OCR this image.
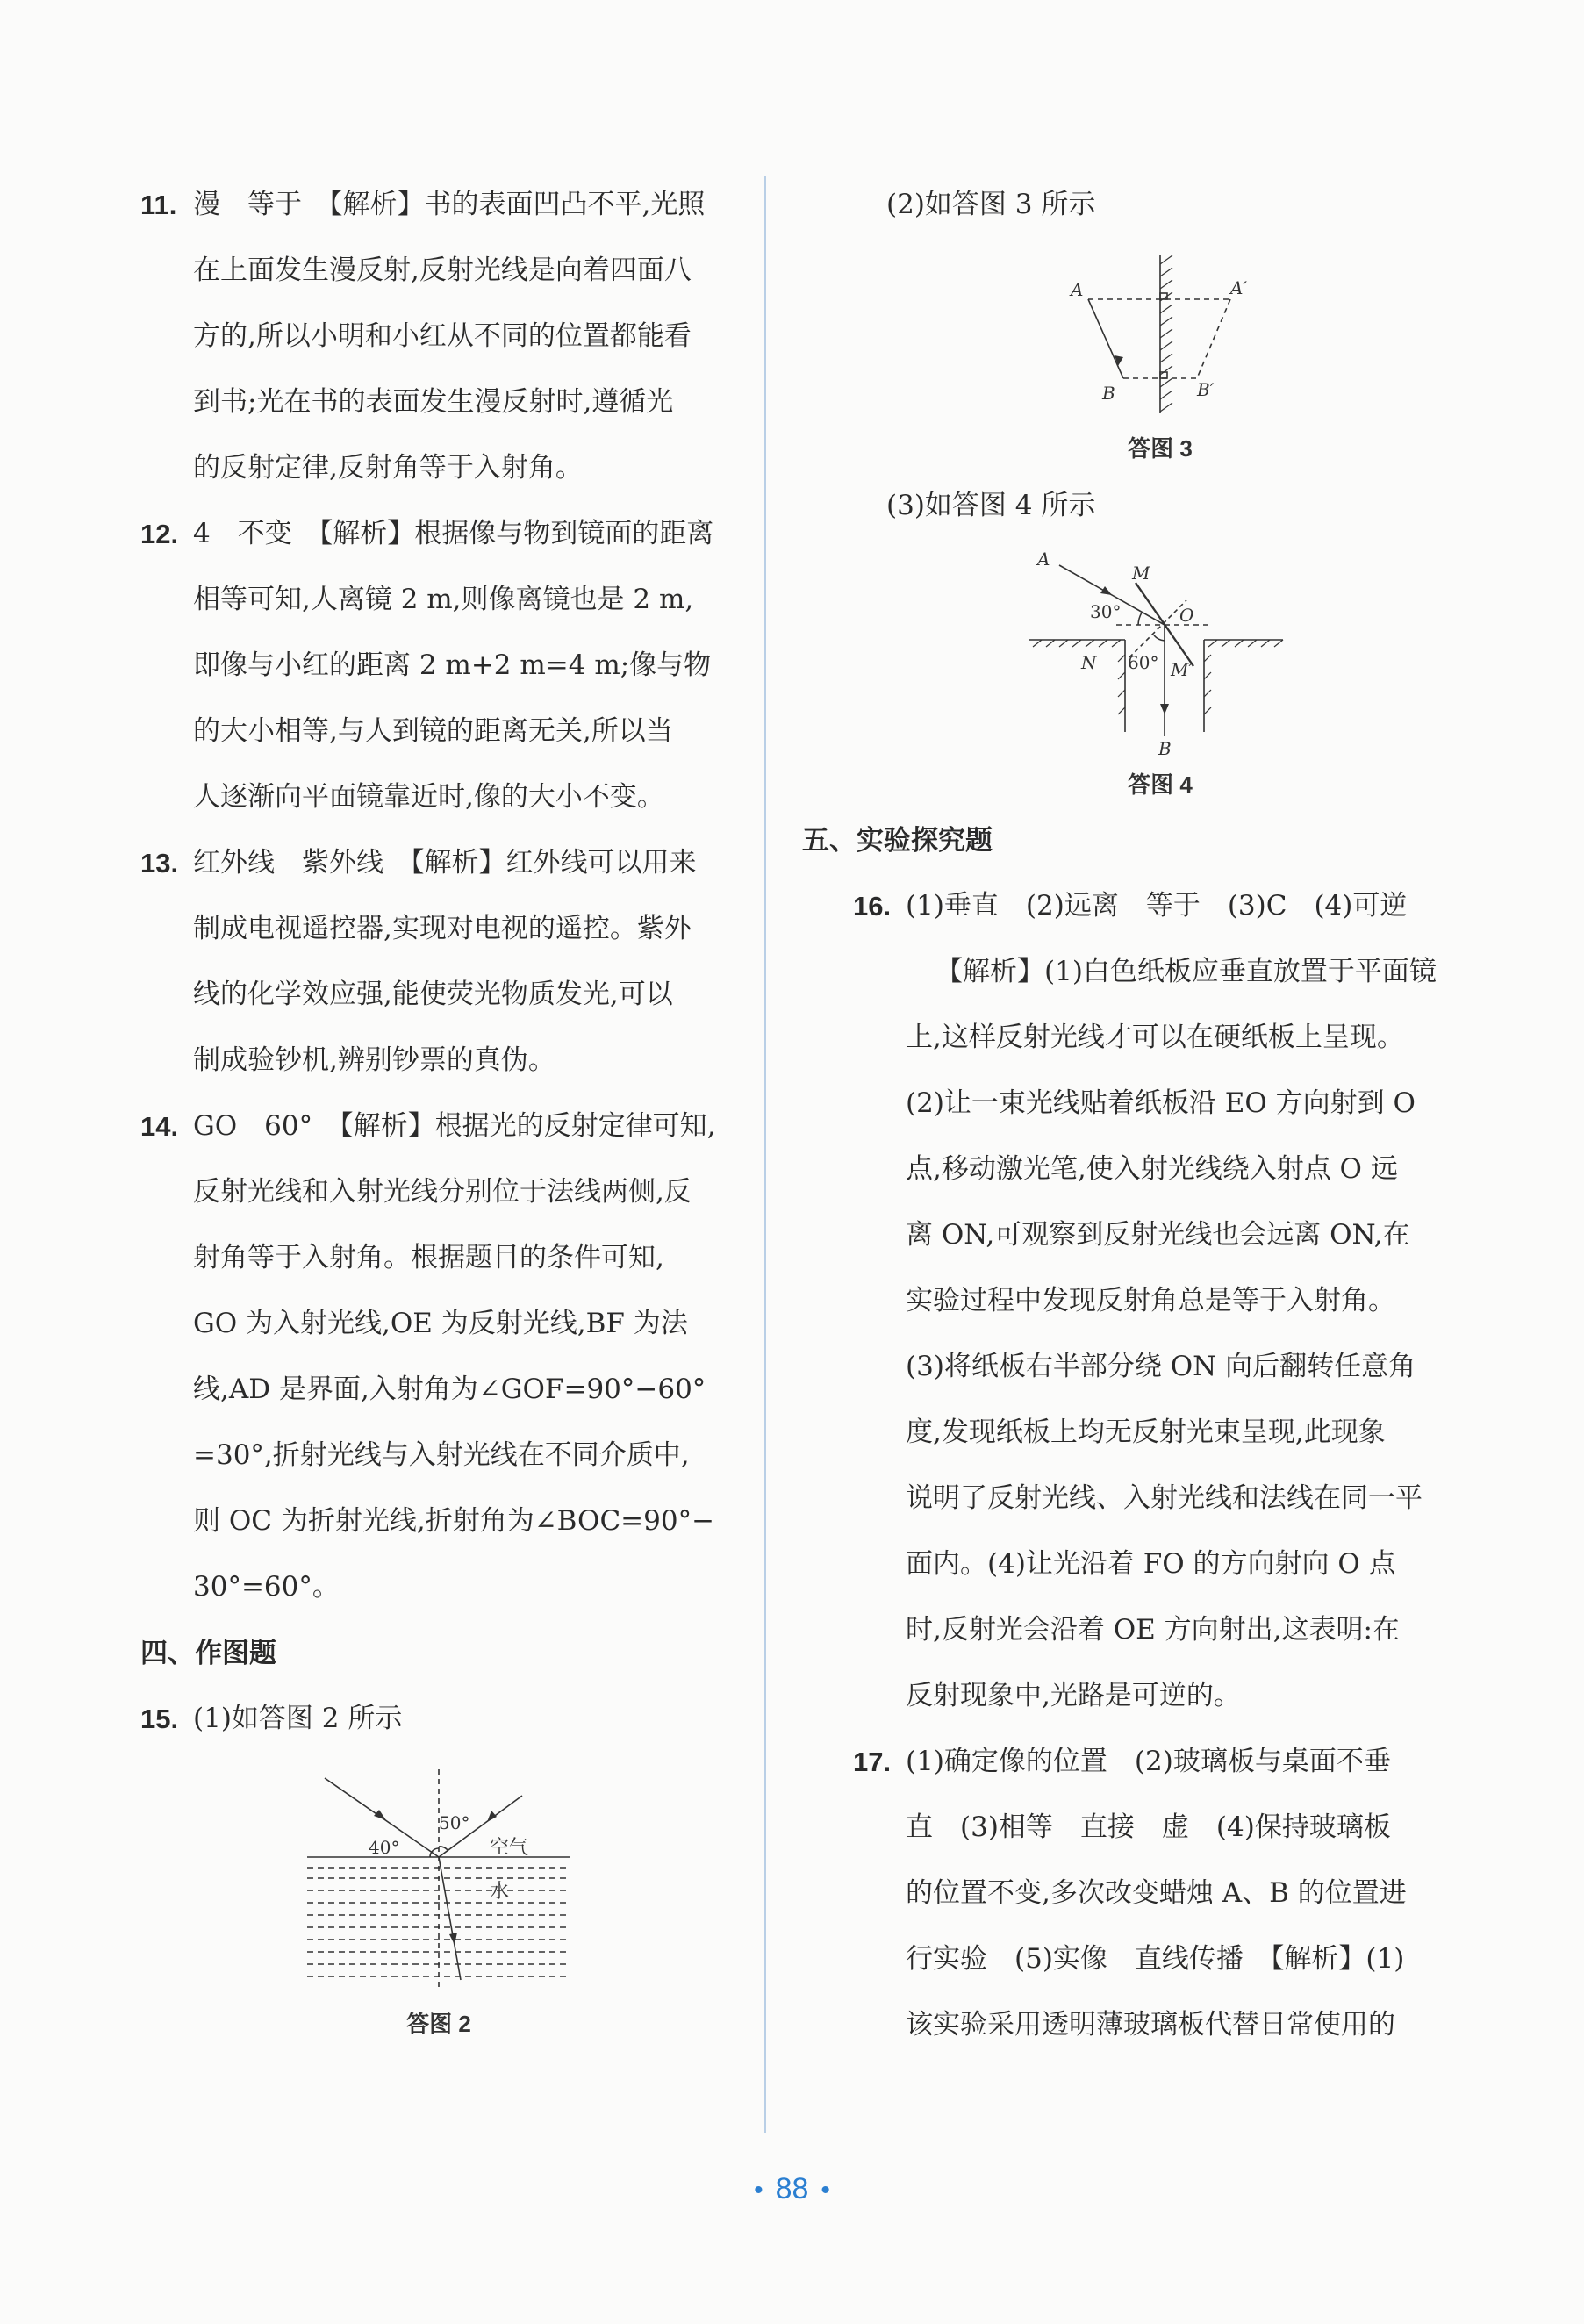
11. 漫　等于　【解析】书的表面凹凸不平,光照
在上面发生漫反射,反射光线是向着四面八
方的,所以小明和小红从不同的位置都能看
到书;光在书的表面发生漫反射时,遵循光
的反射定律,反射角等于入射角。
12. 4　不变　【解析】根据像与物到镜面的距离
相等可知,人离镜 2 m,则像离镜也是 2 m,
即像与小红的距离 2 m+2 m=4 m;像与物
的大小相等,与人到镜的距离无关,所以当
人逐渐向平面镜靠近时,像的大小不变。
13. 红外线　紫外线　【解析】红外线可以用来
制成电视遥控器,实现对电视的遥控。紫外
线的化学效应强,能使荧光物质发光,可以
制成验钞机,辨别钞票的真伪。
14. GO　60°　【解析】根据光的反射定律可知,
反射光线和入射光线分别位于法线两侧,反
射角等于入射角。根据题目的条件可知,
GO 为入射光线,OE 为反射光线,BF 为法
线,AD 是界面,入射角为∠GOF=90°−60°
=30°,折射光线与入射光线在不同介质中,
则 OC 为折射光线,折射角为∠BOC=90°−
30°=60°。
四、作图题
15. (1)如答图 2 所示
40°
50°
空气
水
答图 2
(2)如答图 3 所示
A	A′
B	B′
答图 3
(3)如答图 4 所示
A
M
O
30°
N 60° M′
B
答图 4
五、实验探究题
16. (1)垂直　(2)远离　等于　(3)C　(4)可逆
【解析】(1)白色纸板应垂直放置于平面镜
上,这样反射光线才可以在硬纸板上呈现。
(2)让一束光线贴着纸板沿 EO 方向射到 O
点,移动激光笔,使入射光线绕入射点 O 远
离 ON,可观察到反射光线也会远离 ON,在
实验过程中发现反射角总是等于入射角。
(3)将纸板右半部分绕 ON 向后翻转任意角
度,发现纸板上均无反射光束呈现,此现象
说明了反射光线、入射光线和法线在同一平
面内。(4)让光沿着 FO 的方向射向 O 点
时,反射光会沿着 OE 方向射出,这表明:在
反射现象中,光路是可逆的。
17. (1)确定像的位置　(2)玻璃板与桌面不垂
直　(3)相等　直接　虚　(4)保持玻璃板
的位置不变,多次改变蜡烛 A、B 的位置进
行实验　(5)实像　直线传播　【解析】(1)
该实验采用透明薄玻璃板代替日常使用的
• 88 •
